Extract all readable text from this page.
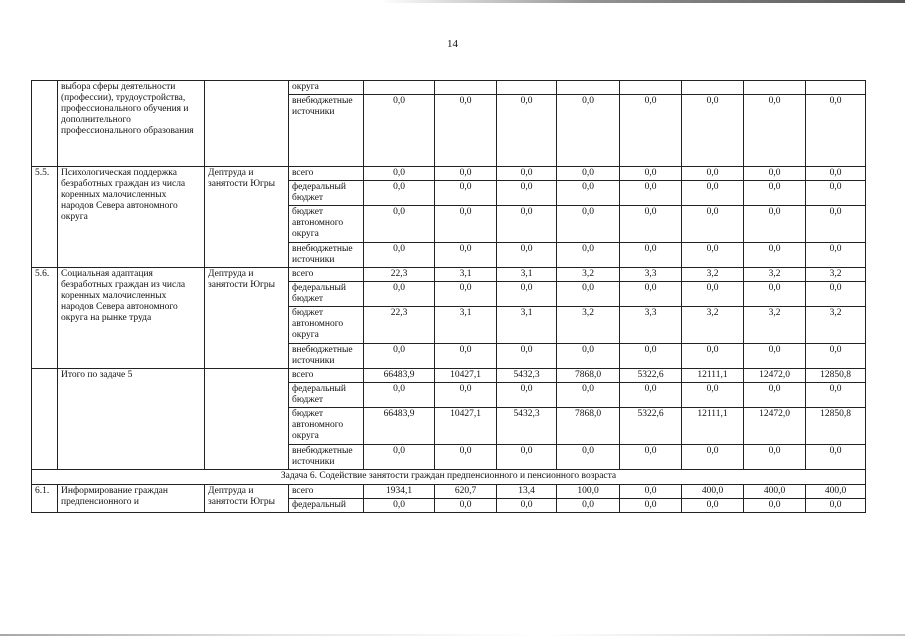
14
	выбора сферы деятельности (профессии), трудоустройства, профессионального обучения и дополнительного профессионального образования		округа								
			внебюджетные источники	0,0	0,0	0,0	0,0	0,0	0,0	0,0	0,0
5.5.	Психологическая поддержка безработных граждан из числа коренных малочисленных народов Севера автономного округа	Дептруда и занятости Югры	всего	0,0	0,0	0,0	0,0	0,0	0,0	0,0	0,0
			федеральный бюджет	0,0	0,0	0,0	0,0	0,0	0,0	0,0	0,0
			бюджет автономного округа	0,0	0,0	0,0	0,0	0,0	0,0	0,0	0,0
			внебюджетные источники	0,0	0,0	0,0	0,0	0,0	0,0	0,0	0,0
5.6.	Социальная адаптация безработных граждан из числа коренных малочисленных народов Севера автономного округа на рынке труда	Дептруда и занятости Югры	всего	22,3	3,1	3,1	3,2	3,3	3,2	3,2	3,2
			федеральный бюджет	0,0	0,0	0,0	0,0	0,0	0,0	0,0	0,0
			бюджет автономного округа	22,3	3,1	3,1	3,2	3,3	3,2	3,2	3,2
			внебюджетные источники	0,0	0,0	0,0	0,0	0,0	0,0	0,0	0,0
	Итого по задаче 5		всего	66483,9	10427,1	5432,3	7868,0	5322,6	12111,1	12472,0	12850,8
			федеральный бюджет	0,0	0,0	0,0	0,0	0,0	0,0	0,0	0,0
			бюджет автономного округа	66483,9	10427,1	5432,3	7868,0	5322,6	12111,1	12472,0	12850,8
			внебюджетные источники	0,0	0,0	0,0	0,0	0,0	0,0	0,0	0,0
Задача 6. Содействие занятости граждан предпенсионного и пенсионного возраста											
6.1.	Информирование граждан предпенсионного и	Дептруда и занятости Югры	всего	1934,1	620,7	13,4	100,0	0,0	400,0	400,0	400,0
			федеральный	0,0	0,0	0,0	0,0	0,0	0,0	0,0	0,0
